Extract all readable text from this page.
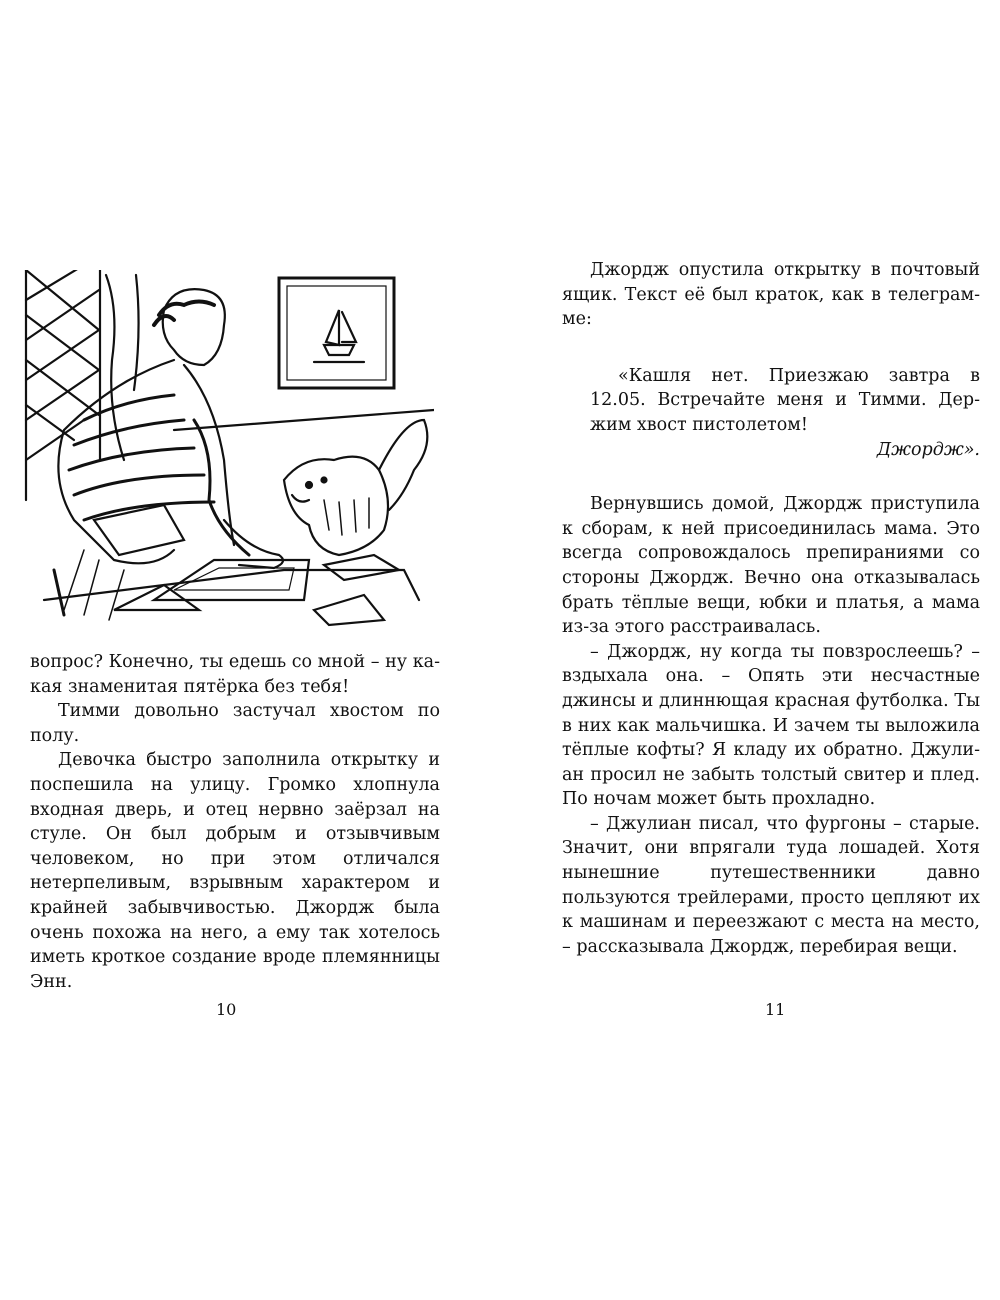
вопрос? Конечно, ты едешь со мной – ну какая знаменитая пятёрка без тебя!

Тимми довольно застучал хвостом по полу.

Девочка быстро заполнила открытку и поспешила на улицу. Громко хлопнула входная дверь, и отец нервно заёрзал на стуле. Он был добрым и отзывчивым человеком, но при этом отличался нетерпеливым, взрывным характером и крайней забывчивостью. Джордж была очень похожа на него, а ему так хотелось иметь кроткое создание вроде племянницы Энн.

10

Джордж опустила открытку в почтовый ящик. Текст её был краток, как в телеграмме:

«Кашля нет. Приезжаю завтра в 12.05. Встречайте меня и Тимми. Держим хвост пистолетом!

Джордж».

Вернувшись домой, Джордж приступила к сборам, к ней присоединилась мама. Это всегда сопровождалось препираниями со стороны Джордж. Вечно она отказывалась брать тёплые вещи, юбки и платья, а мама из-за этого расстраивалась.

– Джордж, ну когда ты повзрослеешь? – вздыхала она. – Опять эти несчастные джинсы и длиннющая красная футболка. Ты в них как мальчишка. И зачем ты выложила тёплые кофты? Я кладу их обратно. Джулиан просил не забыть толстый свитер и плед. По ночам может быть прохладно.

– Джулиан писал, что фургоны – старые. Значит, они впрягали туда лошадей. Хотя нынешние путешественники давно пользуются трейлерами, просто цепляют их к машинам и переезжают с места на место, – рассказывала Джордж, перебирая вещи.

11
